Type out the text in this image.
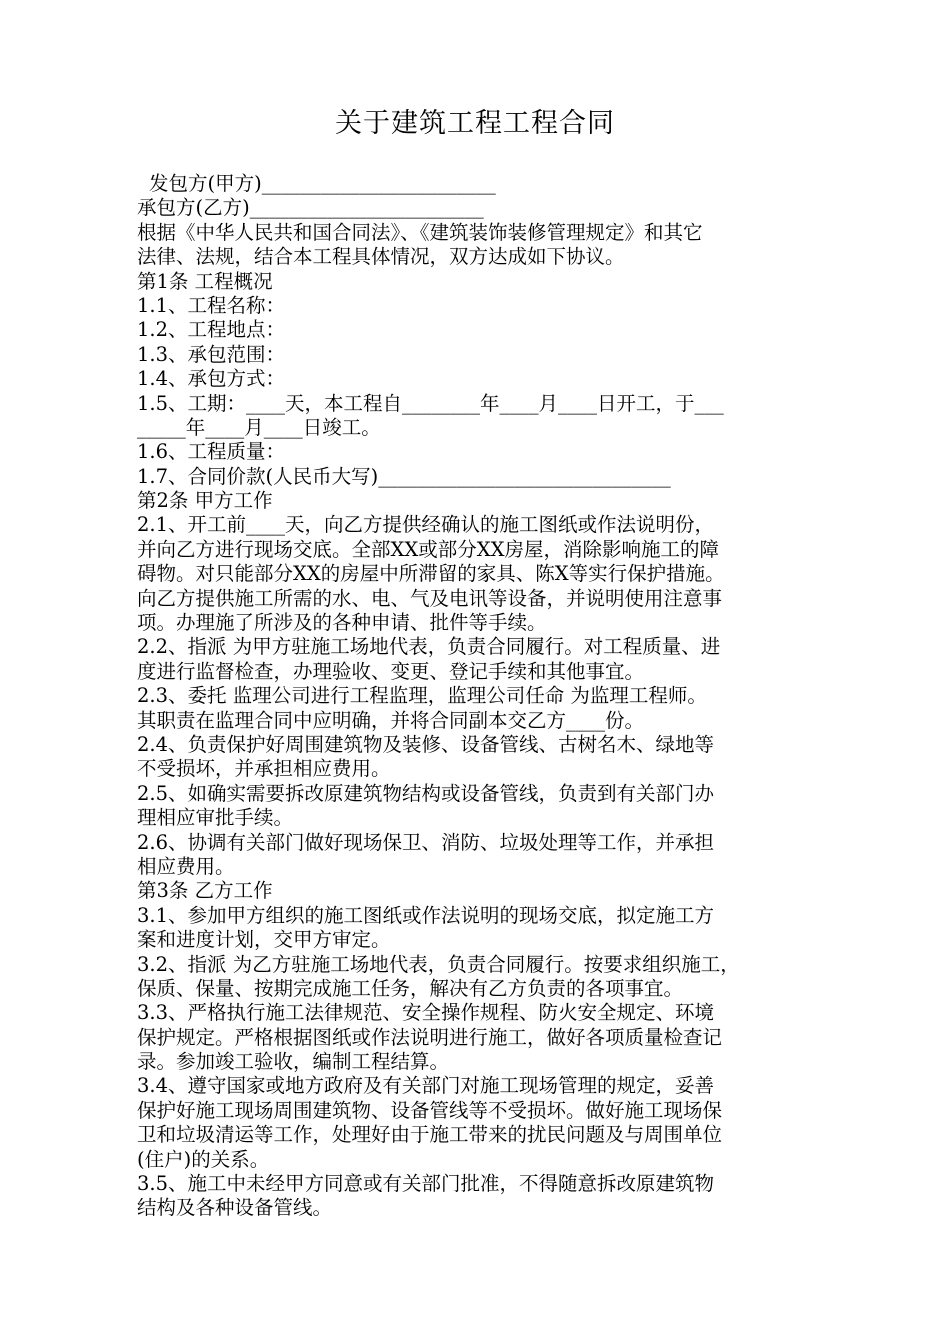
关于建筑工程工程合同
发包方(甲方)________________________
承包方(乙方)________________________
根据《中华人民共和国合同法》、《建筑装饰装修管理规定》和其它
法律、法规，结合本工程具体情况，双方达成如下协议。
第1条 工程概况
1.1、工程名称：
1.2、工程地点：
1.3、承包范围：
1.4、承包方式：
1.5、工期：____天，本工程自________年____月____日开工，于___
_____年____月____日竣工。
1.6、工程质量：
1.7、合同价款(人民币大写)______________________________
第2条 甲方工作
2.1、开工前____天，向乙方提供经确认的施工图纸或作法说明份，
并向乙方进行现场交底。全部XX或部分XX房屋，消除影响施工的障
碍物。对只能部分XX的房屋中所滞留的家具、陈X等实行保护措施。
向乙方提供施工所需的水、电、气及电讯等设备，并说明使用注意事
项。办理施了所涉及的各种申请、批件等手续。
2.2、指派 为甲方驻施工场地代表，负责合同履行。对工程质量、进
度进行监督检查，办理验收、变更、登记手续和其他事宜。
2.3、委托 监理公司进行工程监理，监理公司任命 为监理工程师。
其职责在监理合同中应明确，并将合同副本交乙方____份。
2.4、负责保护好周围建筑物及装修、设备管线、古树名木、绿地等
不受损坏，并承担相应费用。
2.5、如确实需要拆改原建筑物结构或设备管线，负责到有关部门办
理相应审批手续。
2.6、协调有关部门做好现场保卫、消防、垃圾处理等工作，并承担
相应费用。
第3条 乙方工作
3.1、参加甲方组织的施工图纸或作法说明的现场交底，拟定施工方
案和进度计划，交甲方审定。
3.2、指派 为乙方驻施工场地代表，负责合同履行。按要求组织施工，
保质、保量、按期完成施工任务，解决有乙方负责的各项事宜。
3.3、严格执行施工法律规范、安全操作规程、防火安全规定、环境
保护规定。严格根据图纸或作法说明进行施工，做好各项质量检查记
录。参加竣工验收，编制工程结算。
3.4、遵守国家或地方政府及有关部门对施工现场管理的规定，妥善
保护好施工现场周围建筑物、设备管线等不受损坏。做好施工现场保
卫和垃圾清运等工作，处理好由于施工带来的扰民问题及与周围单位
(住户)的关系。
3.5、施工中未经甲方同意或有关部门批准，不得随意拆改原建筑物
结构及各种设备管线。
